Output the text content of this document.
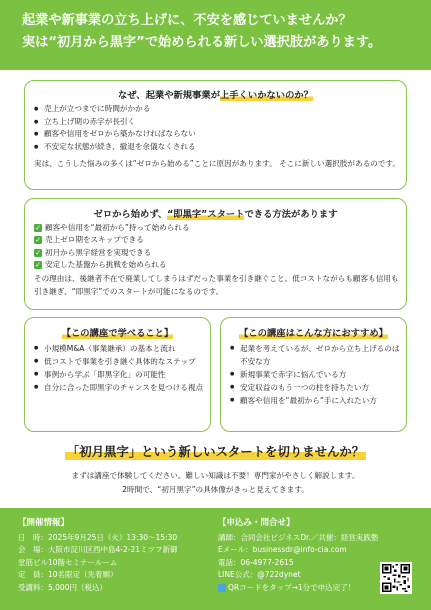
起業や新事業の立ち上げに、不安を感じていませんか？
実は“初月から黒字”で始められる新しい選択肢があります。
なぜ、起業や新規事業が上手くいかないのか？
● 売上が立つまでに時間がかかる
● 立ち上げ期の赤字が長引く
● 顧客や信用をゼロから築かなければならない
● 不安定な状態が続き、撤退を余儀なくされる
実は、こうした悩みの多くは“ゼロから始める”ことに原因があります。 そこに新しい選択肢があるのです。
ゼロから始めず、“即黒字”スタートできる方法があります
✓ 顧客や信用を“最初から”持って始められる
✓ 売上ゼロ期をスキップできる
✓ 初月から黒字経営を実現できる
✓ 安定した基盤から挑戦を始められる
その理由は、後継者不在で廃業してしまうはずだった事業を引き継ぐこと。低コストながらも顧客も信用も引き継ぎ、“即黒字”でのスタートが可能になるのです。
【この講座で学べること】
● 小規模M&A（事業継承）の基本と流れ
● 低コストで事業を引き継ぐ具体的なステップ
● 事例から学ぶ「即黒字化」の可能性
● 自分に合った即黒字のチャンスを見つける視点
【この講座はこんな方におすすめ】
● 起業を考えているが、ゼロから立ち上げるのは不安な方
● 新規事業で赤字に悩んでいる方
● 安定収益のもう一つの柱を持ちたい方
● 顧客や信用を“最初から”手に入れたい方
「初月黒字」という新しいスタートを切りませんか？
まずは講座で体験してください。難しい知識は不要！専門家がやさしく解説します。
2時間で、“初月黒字”の具体像がきっと見えてきます。
【開催情報】
日　時：2025年9月25日（火）13:30～15:30
会　場：大阪市淀川区西中島4-2-21ミツフ新御
堂筋ビル10階セミナールーム
定　員：10名限定（先着順）
受講料：5,000円（税込）
【申込み・問合せ】
講師：合同会社ビジネスDr.／共催：経営実践塾
Eメール：businessdr@info-cia.com
電話：06-4977-2615
LINE公式：@722dynet
QRコードをタップ→1分で申込完了！
